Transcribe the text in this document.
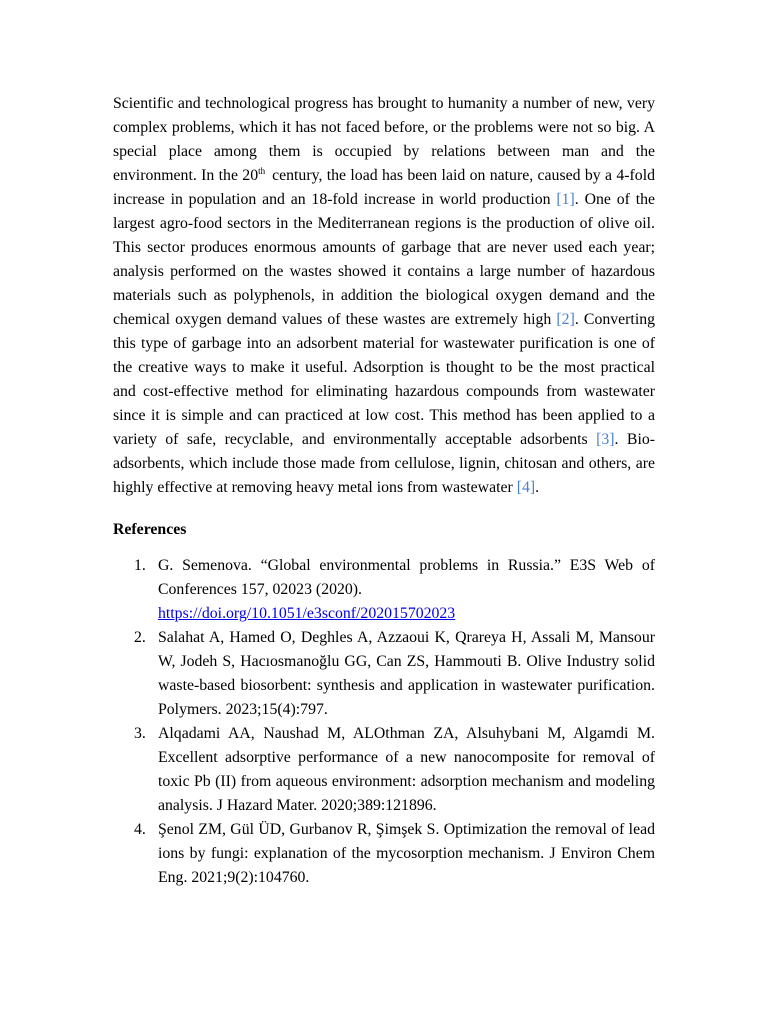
Scientific and technological progress has brought to humanity a number of new, very complex problems, which it has not faced before, or the problems were not so big. A special place among them is occupied by relations between man and the environment. In the 20th century, the load has been laid on nature, caused by a 4-fold increase in population and an 18-fold increase in world production [1]. One of the largest agro-food sectors in the Mediterranean regions is the production of olive oil. This sector produces enormous amounts of garbage that are never used each year; analysis performed on the wastes showed it contains a large number of hazardous materials such as polyphenols, in addition the biological oxygen demand and the chemical oxygen demand values of these wastes are extremely high [2]. Converting this type of garbage into an adsorbent material for wastewater purification is one of the creative ways to make it useful. Adsorption is thought to be the most practical and cost-effective method for eliminating hazardous compounds from wastewater since it is simple and can practiced at low cost. This method has been applied to a variety of safe, recyclable, and environmentally acceptable adsorbents [3]. Bio-adsorbents, which include those made from cellulose, lignin, chitosan and others, are highly effective at removing heavy metal ions from wastewater [4].

References
1. G. Semenova. “Global environmental problems in Russia.” E3S Web of Conferences 157, 02023 (2020).
https://doi.org/10.1051/e3sconf/202015702023
2. Salahat A, Hamed O, Deghles A, Azzaoui K, Qrareya H, Assali M, Mansour W, Jodeh S, Hacıosmanoğlu GG, Can ZS, Hammouti B. Olive Industry solid waste-based biosorbent: synthesis and application in wastewater purification. Polymers. 2023;15(4):797.
3. Alqadami AA, Naushad M, ALOthman ZA, Alsuhybani M, Algamdi M. Excellent adsorptive performance of a new nanocomposite for removal of toxic Pb (II) from aqueous environment: adsorption mechanism and modeling analysis. J Hazard Mater. 2020;389:121896.
4. Şenol ZM, Gül ÜD, Gurbanov R, Şimşek S. Optimization the removal of lead ions by fungi: explanation of the mycosorption mechanism. J Environ Chem Eng. 2021;9(2):104760.
